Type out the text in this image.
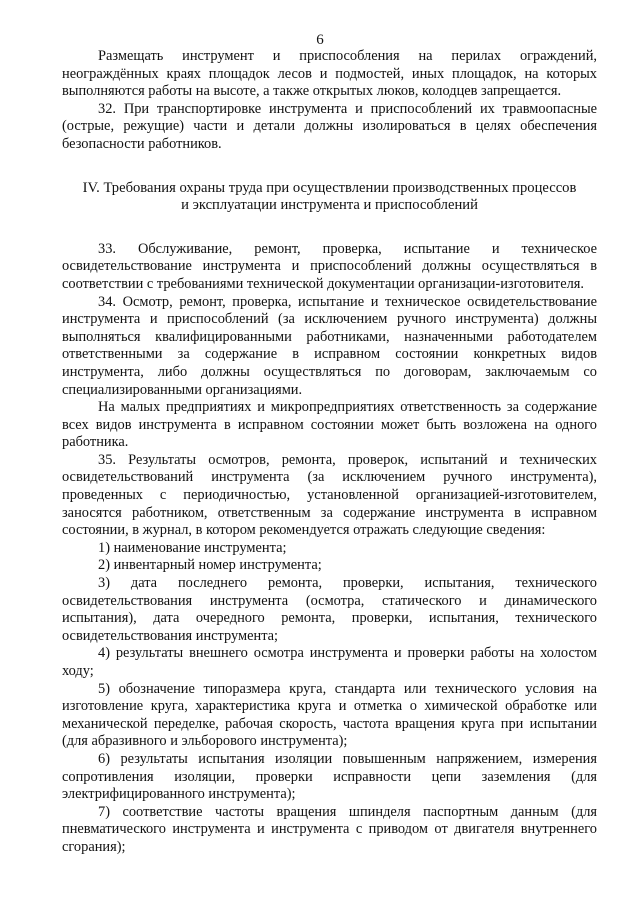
6

Размещать инструмент и приспособления на перилах ограждений, неограждённых краях площадок лесов и подмостей, иных площадок, на которых выполняются работы на высоте, а также открытых люков, колодцев запрещается.

32. При транспортировке инструмента и приспособлений их травмоопасные (острые, режущие) части и детали должны изолироваться в целях обеспечения безопасности работников.

IV. Требования охраны труда при осуществлении производственных процессов и эксплуатации инструмента и приспособлений

33. Обслуживание, ремонт, проверка, испытание и техническое освидетельствование инструмента и приспособлений должны осуществляться в соответствии с требованиями технической документации организации-изготовителя.

34. Осмотр, ремонт, проверка, испытание и техническое освидетельствование инструмента и приспособлений (за исключением ручного инструмента) должны выполняться квалифицированными работниками, назначенными работодателем ответственными за содержание в исправном состоянии конкретных видов инструмента, либо должны осуществляться по договорам, заключаемым со специализированными организациями.

На малых предприятиях и микропредприятиях ответственность за содержание всех видов инструмента в исправном состоянии может быть возложена на одного работника.

35. Результаты осмотров, ремонта, проверок, испытаний и технических освидетельствований инструмента (за исключением ручного инструмента), проведенных с периодичностью, установленной организацией-изготовителем, заносятся работником, ответственным за содержание инструмента в исправном состоянии, в журнал, в котором рекомендуется отражать следующие сведения:

1) наименование инструмента;

2) инвентарный номер инструмента;

3) дата последнего ремонта, проверки, испытания, технического освидетельствования инструмента (осмотра, статического и динамического испытания), дата очередного ремонта, проверки, испытания, технического освидетельствования инструмента;

4) результаты внешнего осмотра инструмента и проверки работы на холостом ходу;

5) обозначение типоразмера круга, стандарта или технического условия на изготовление круга, характеристика круга и отметка о химической обработке или механической переделке, рабочая скорость, частота вращения круга при испытании (для абразивного и эльборового инструмента);

6) результаты испытания изоляции повышенным напряжением, измерения сопротивления изоляции, проверки исправности цепи заземления (для электрифицированного инструмента);

7) соответствие частоты вращения шпинделя паспортным данным (для пневматического инструмента и инструмента с приводом от двигателя внутреннего сгорания);
